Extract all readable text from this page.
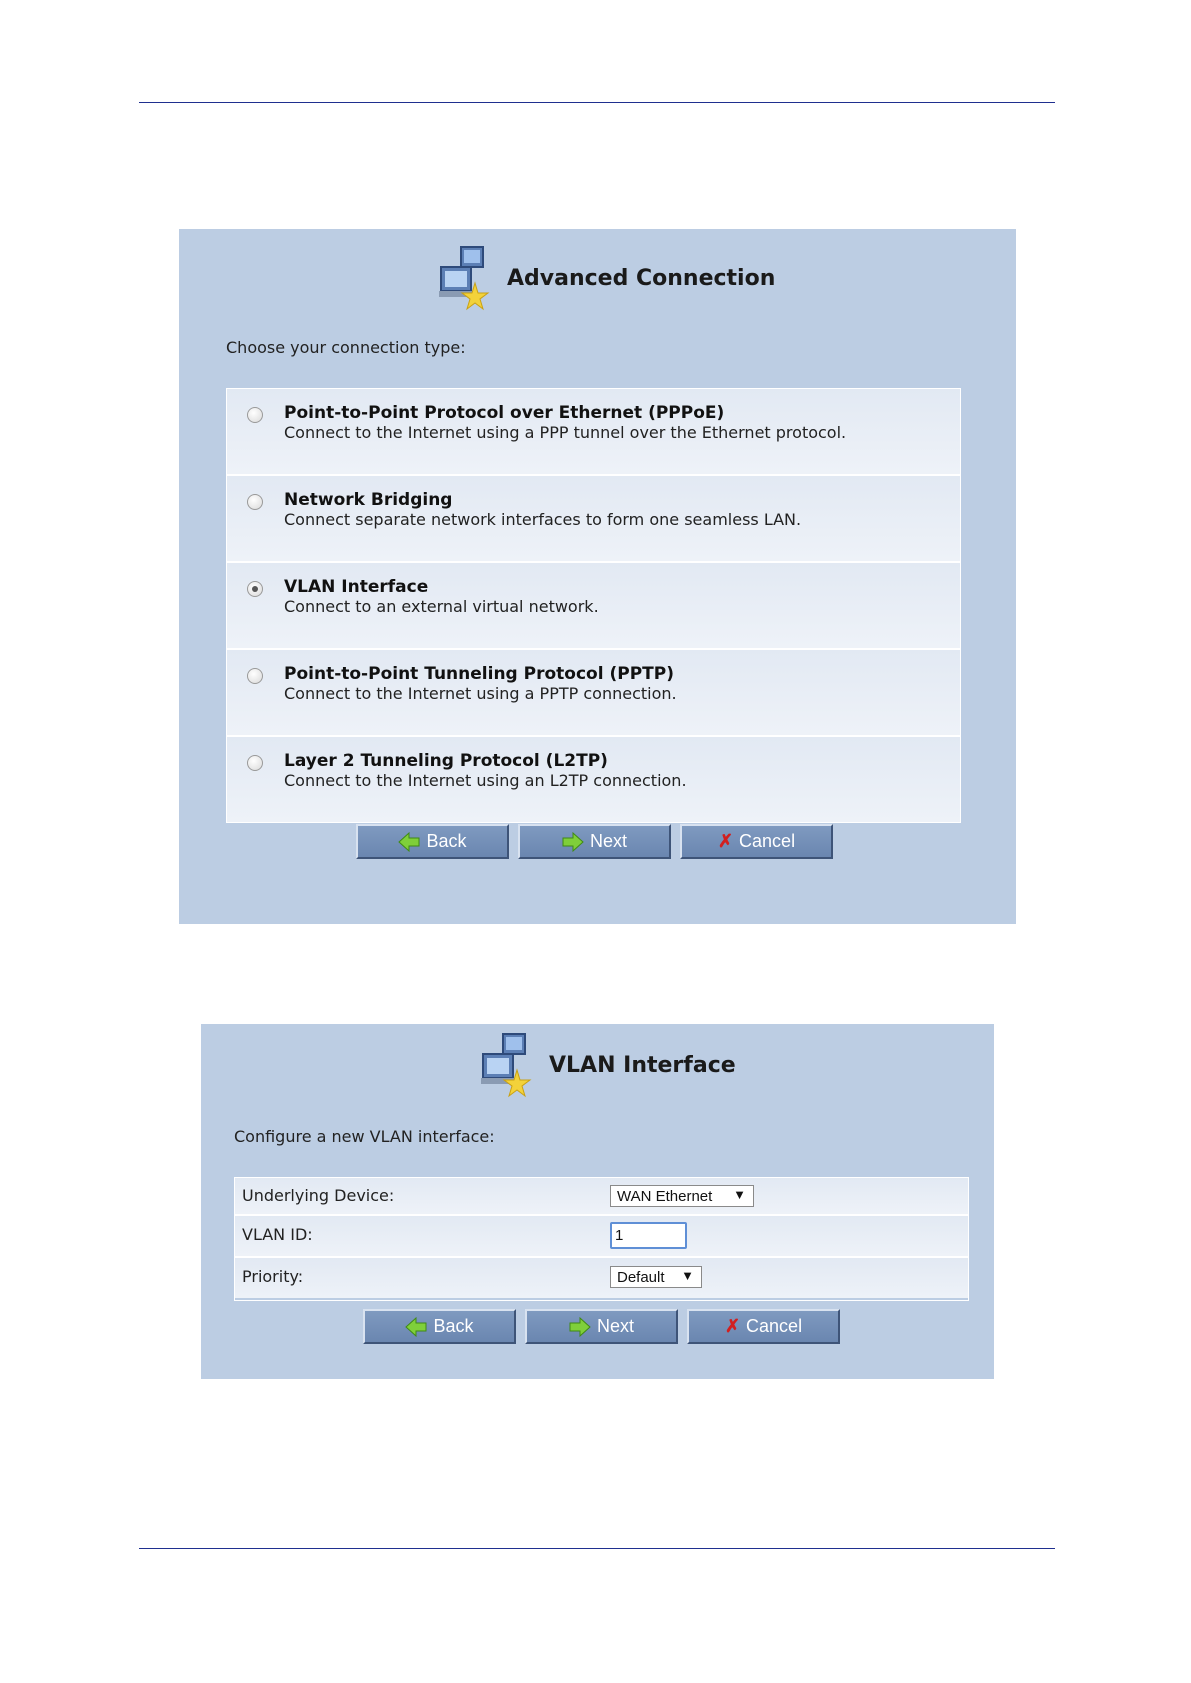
Advanced Connection
Choose your connection type:
Point-to-Point Protocol over Ethernet (PPPoE)
Connect to the Internet using a PPP tunnel over the Ethernet protocol.
Network Bridging
Connect separate network interfaces to form one seamless LAN.
VLAN Interface
Connect to an external virtual network.
Point-to-Point Tunneling Protocol (PPTP)
Connect to the Internet using a PPTP connection.
Layer 2 Tunneling Protocol (L2TP)
Connect to the Internet using an L2TP connection.
Back	Next	✗ Cancel
VLAN Interface
Configure a new VLAN interface:
Underlying Device:	WAN Ethernet ▼
VLAN ID:	1
Priority:	Default ▼
Back	Next	✗ Cancel
